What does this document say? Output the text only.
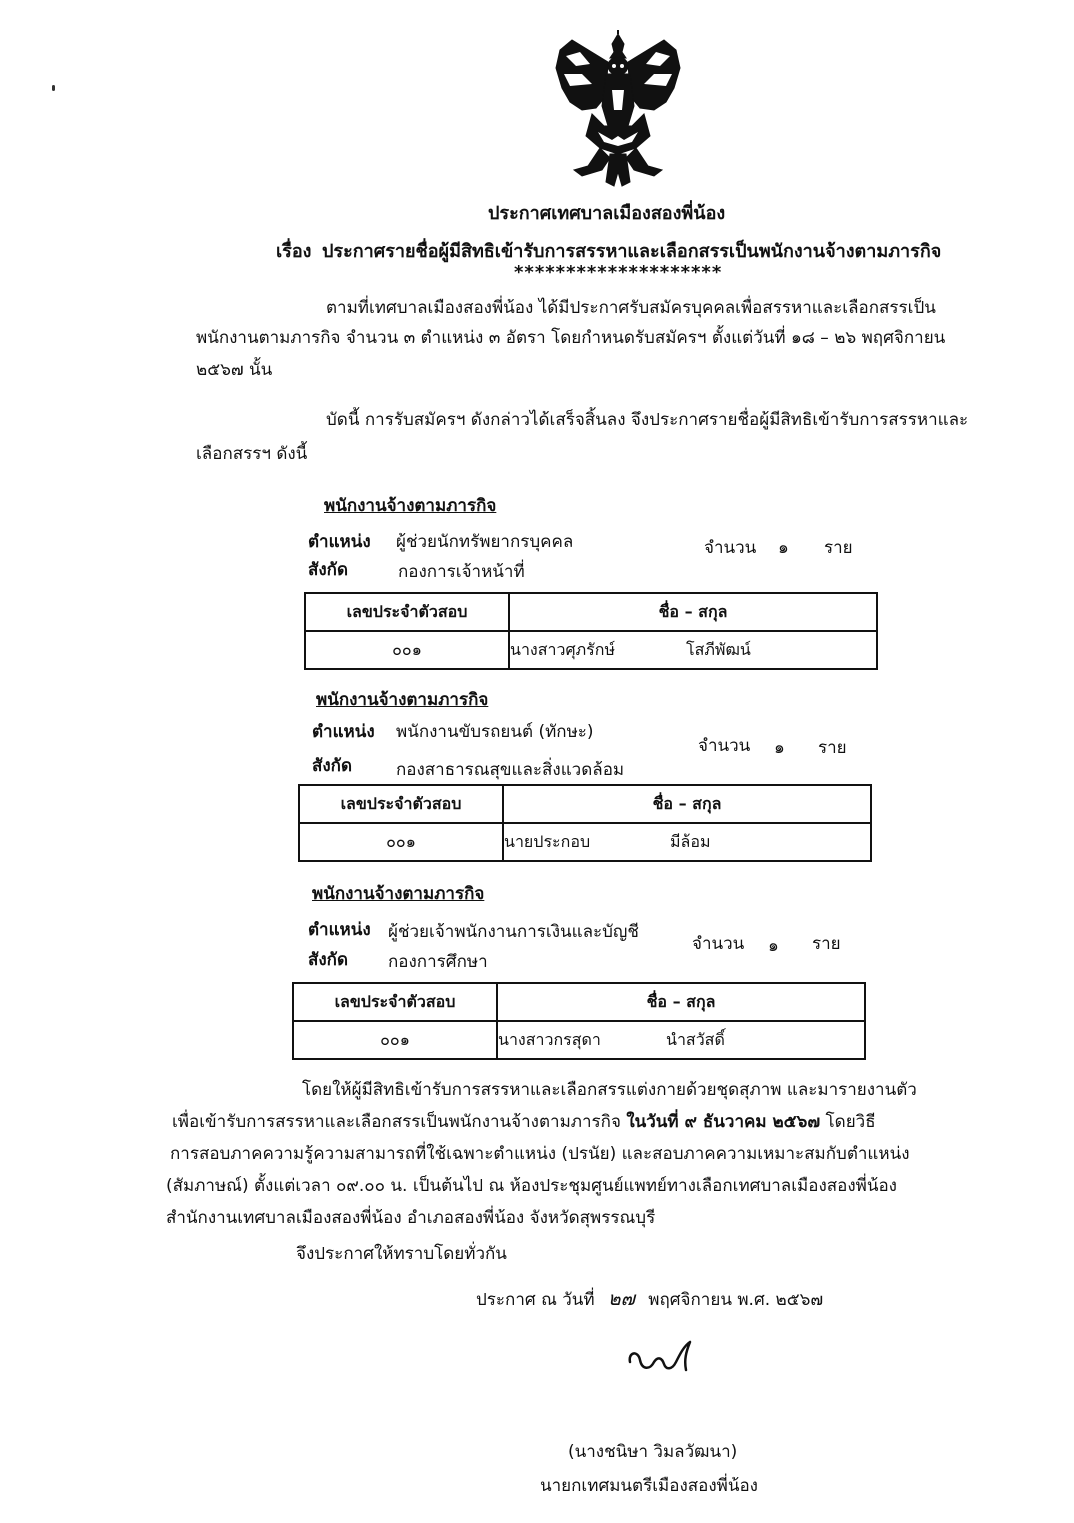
ประกาศเทศบาลเมืองสองพี่น้อง
เรื่อง ประกาศรายชื่อผู้มีสิทธิเข้ารับการสรรหาและเลือกสรรเป็นพนักงานจ้างตามภารกิจ
********************
ตามที่เทศบาลเมืองสองพี่น้อง ได้มีประกาศรับสมัครบุคคลเพื่อสรรหาและเลือกสรรเป็น
พนักงานตามภารกิจ จำนวน ๓ ตำแหน่ง ๓ อัตรา โดยกำหนดรับสมัครฯ ตั้งแต่วันที่ ๑๘ – ๒๖ พฤศจิกายน
๒๕๖๗ นั้น
บัดนี้ การรับสมัครฯ ดังกล่าวได้เสร็จสิ้นลง จึงประกาศรายชื่อผู้มีสิทธิเข้ารับการสรรหาและ
เลือกสรรฯ ดังนี้
พนักงานจ้างตามภารกิจ
ตำแหน่ง ผู้ช่วยนักทรัพยากรบุคคล	จำนวน ๑ ราย
สังกัด	กองการเจ้าหน้าที่
เลขประจำตัวสอบ	ชื่อ – สกุล
๐๐๑	นางสาวศุภรักษ์ โสภีพัฒน์
พนักงานจ้างตามภารกิจ
ตำแหน่ง พนักงานขับรถยนต์ (ทักษะ)
จำนวน ๑ ราย
สังกัด	กองสาธารณสุขและสิ่งแวดล้อม
เลขประจำตัวสอบ	ชื่อ – สกุล
๐๐๑	นายประกอบ มีล้อม
พนักงานจ้างตามภารกิจ
ตำแหน่ง ผู้ช่วยเจ้าพนักงานการเงินและบัญชี
จำนวน ๑ ราย
สังกัด กองการศึกษา
เลขประจำตัวสอบ	ชื่อ – สกุล
๐๐๑	นางสาวกรสุดา นำสวัสดิ์
โดยให้ผู้มีสิทธิเข้ารับการสรรหาและเลือกสรรแต่งกายด้วยชุดสุภาพ และมารายงานตัว
เพื่อเข้ารับการสรรหาและเลือกสรรเป็นพนักงานจ้างตามภารกิจ ในวันที่ ๙ ธันวาคม ๒๕๖๗ โดยวิธี
การสอบภาคความรู้ความสามารถที่ใช้เฉพาะตำแหน่ง (ปรนัย) และสอบภาคความเหมาะสมกับตำแหน่ง
(สัมภาษณ์) ตั้งแต่เวลา ๐๙.๐๐ น. เป็นต้นไป ณ ห้องประชุมศูนย์แพทย์ทางเลือกเทศบาลเมืองสองพี่น้อง
สำนักงานเทศบาลเมืองสองพี่น้อง อำเภอสองพี่น้อง จังหวัดสุพรรณบุรี
จึงประกาศให้ทราบโดยทั่วกัน
ประกาศ ณ วันที่ ๒๗ พฤศจิกายน พ.ศ. ๒๕๖๗
(นางชนิษา วิมลวัฒนา)
นายกเทศมนตรีเมืองสองพี่น้อง
